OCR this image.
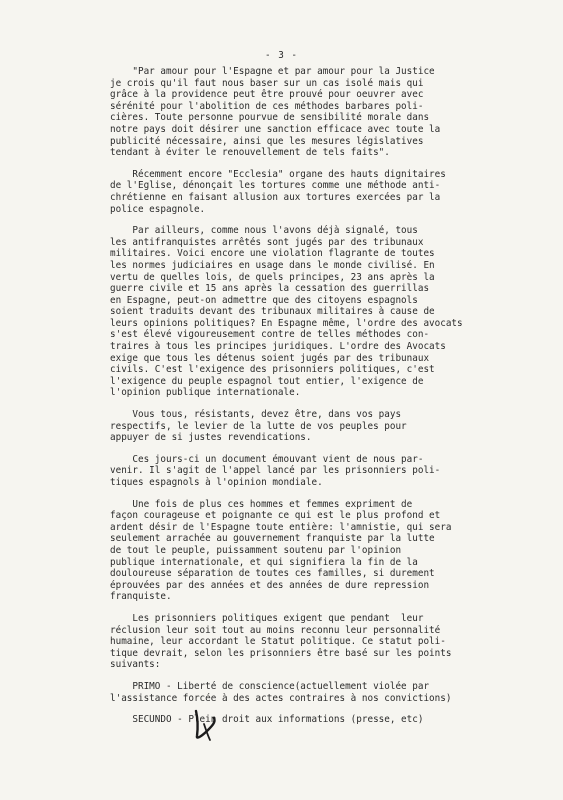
- 3 -

"Par amour pour l'Espagne et par amour pour la Justice
je crois qu'il faut nous baser sur un cas isolé mais qui
grâce à la providence peut être prouvé pour oeuvrer avec
sérénité pour l'abolition de ces méthodes barbares poli-
cières. Toute personne pourvue de sensibilité morale dans
notre pays doit désirer une sanction efficace avec toute la
publicité nécessaire, ainsi que les mesures législatives
tendant à éviter le renouvellement de tels faits".

Récemment encore "Ecclesia" organe des hauts dignitaires
de l'Eglise, dénonçait les tortures comme une méthode anti-
chrétienne en faisant allusion aux tortures exercées par la
police espagnole.

Par ailleurs, comme nous l'avons déjà signalé, tous
les antifranquistes arrêtés sont jugés par des tribunaux
militaires. Voici encore une violation flagrante de toutes
les normes judiciaires en usage dans le monde civilisé. En
vertu de quelles lois, de quels principes, 23 ans après la
guerre civile et 15 ans après la cessation des guerrillas
en Espagne, peut-on admettre que des citoyens espagnols
soient traduits devant des tribunaux militaires à cause de
leurs opinions politiques? En Espagne même, l'ordre des avocats
s'est élevé vigoureusement contre de telles méthodes con-
traires à tous les principes juridiques. L'ordre des Avocats
exige que tous les détenus soient jugés par des tribunaux
civils. C'est l'exigence des prisonniers politiques, c'est
l'exigence du peuple espagnol tout entier, l'exigence de
l'opinion publique internationale.

Vous tous, résistants, devez être, dans vos pays
respectifs, le levier de la lutte de vos peuples pour
appuyer de si justes revendications.

Ces jours-ci un document émouvant vient de nous par-
venir. Il s'agit de l'appel lancé par les prisonniers poli-
tiques espagnols à l'opinion mondiale.

Une fois de plus ces hommes et femmes expriment de
façon courageuse et poignante ce qui est le plus profond et
ardent désir de l'Espagne toute entière: l'amnistie, qui sera
seulement arrachée au gouvernement franquiste par la lutte
de tout le peuple, puissamment soutenu par l'opinion
publique internationale, et qui signifiera la fin de la
douloureuse séparation de toutes ces familles, si durement
éprouvées par des années et des années de dure repression
franquiste.

Les prisonniers politiques exigent que pendant  leur
réclusion leur soit tout au moins reconnu leur personnalité
humaine, leur accordant le Statut politique. Ce statut poli-
tique devrait, selon les prisonniers être basé sur les points
suivants:

PRIMO - Liberté de conscience(actuellement violée par
l'assistance forcée à des actes contraires à nos convictions)

SECUNDO - Plein droit aux informations (presse, etc)
